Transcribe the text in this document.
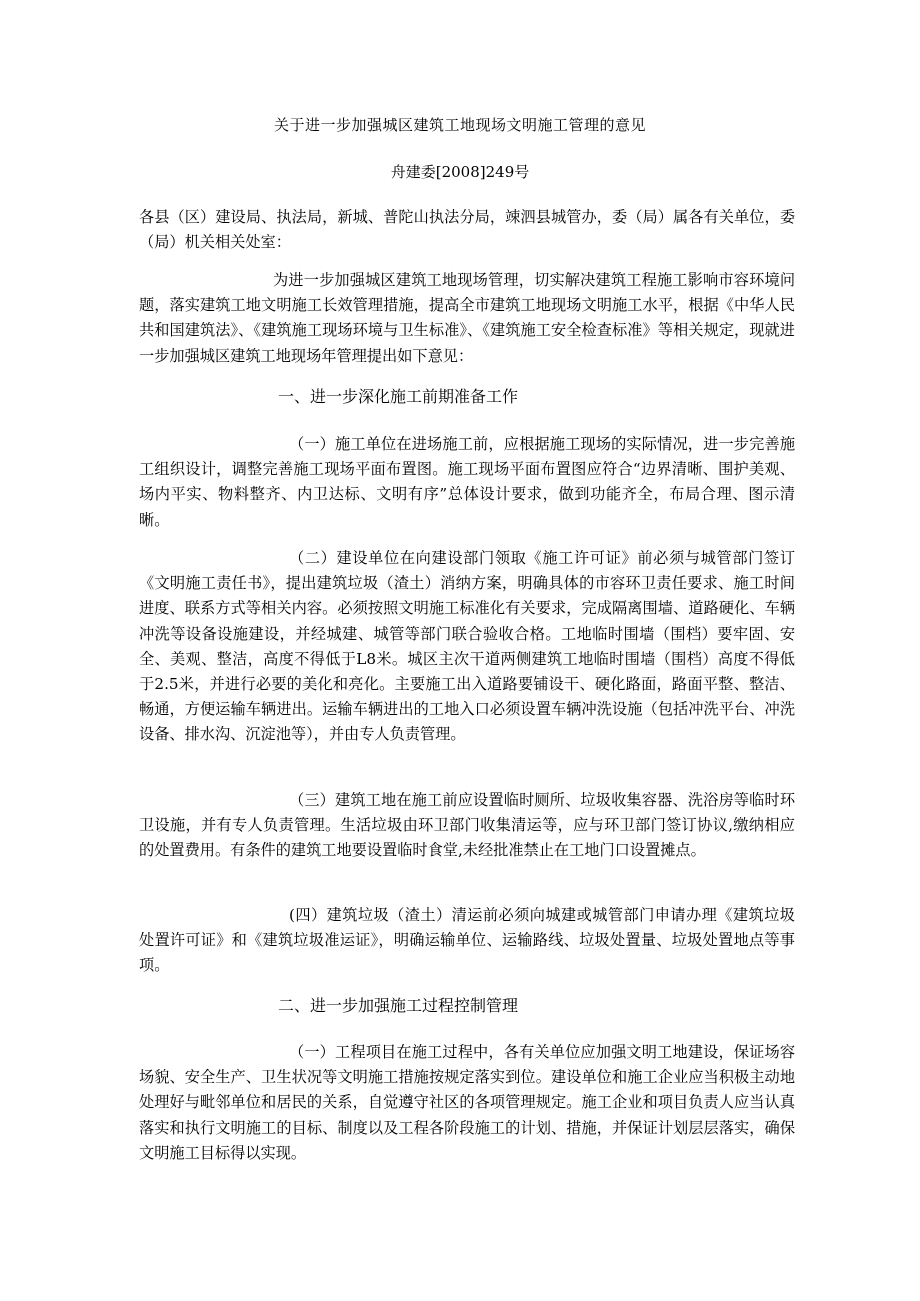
关于进一步加强城区建筑工地现场文明施工管理的意见
舟建委[2008]249号

各县（区）建设局、执法局，新城、普陀山执法分局，竦泗县城管办，委（局）属各有关单位，委（局）机关相关处室：

为进一步加强城区建筑工地现场管理，切实解决建筑工程施工影响市容环境问题，落实建筑工地文明施工长效管理措施，提高全市建筑工地现场文明施工水平，根据《中华人民共和国建筑法》、《建筑施工现场环境与卫生标准》、《建筑施工安全检查标准》等相关规定，现就进一步加强城区建筑工地现场年管理提出如下意见：

一、进一步深化施工前期准备工作

（一）施工单位在进场施工前，应根据施工现场的实际情况，进一步完善施工组织设计，调整完善施工现场平面布置图。施工现场平面布置图应符合“边界清晰、围护美观、场内平实、物料整齐、内卫达标、文明有序”总体设计要求，做到功能齐全，布局合理、图示清晰。

（二）建设单位在向建设部门领取《施工许可证》前必须与城管部门签订《文明施工责任书》，提出建筑垃圾（渣土）消纳方案，明确具体的市容环卫责任要求、施工时间进度、联系方式等相关内容。必须按照文明施工标准化有关要求，完成隔离围墙、道路硬化、车辆冲洗等设备设施建设，并经城建、城管等部门联合验收合格。工地临时围墙（围档）要牢固、安全、美观、整洁，高度不得低于L8米。城区主次干道两侧建筑工地临时围墙（围档）高度不得低于2.5米，并进行必要的美化和亮化。主要施工出入道路要铺设干、硬化路面，路面平整、整洁、畅通，方便运输车辆进出。运输车辆进出的工地入口必须设置车辆冲洗设施（包括冲洗平台、冲洗设备、排水沟、沉淀池等），并由专人负责管理。

（三）建筑工地在施工前应设置临时厕所、垃圾收集容器、洗浴房等临时环卫设施，并有专人负责管理。生活垃圾由环卫部门收集清运等，应与环卫部门签订协议,缴纳相应的处置费用。有条件的建筑工地要设置临时食堂,未经批准禁止在工地门口设置摊点。

(四）建筑垃圾（渣土）清运前必须向城建或城管部门申请办理《建筑垃圾处置许可证》和《建筑垃圾准运证》，明确运输单位、运输路线、垃圾处置量、垃圾处置地点等事项。

二、进一步加强施工过程控制管理

（一）工程项目在施工过程中，各有关单位应加强文明工地建设，保证场容场貌、安全生产、卫生状况等文明施工措施按规定落实到位。建设单位和施工企业应当积极主动地处理好与毗邻单位和居民的关系，自觉遵守社区的各项管理规定。施工企业和项目负责人应当认真落实和执行文明施工的目标、制度以及工程各阶段施工的计划、措施，并保证计划层层落实，确保文明施工目标得以实现。
